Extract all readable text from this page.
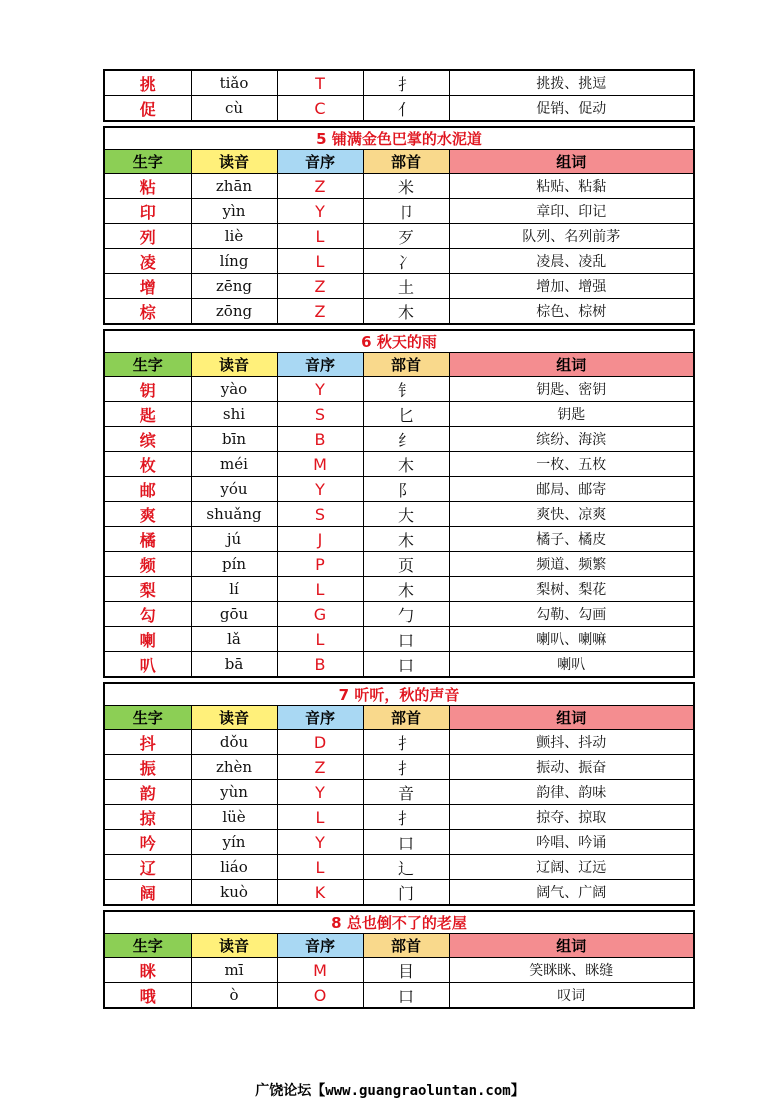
挑	tiǎo	T	扌	挑拨、挑逗
促	cù	C	亻	促销、促动
5 铺满金色巴掌的水泥道				
生字	读音	音序	部首	组词
粘	zhān	Z	米	粘贴、粘黏
印	yìn	Y	卩	章印、印记
列	liè	L	歹	队列、名列前茅
凌	líng	L	冫	凌晨、凌乱
增	zēng	Z	土	增加、增强
棕	zōng	Z	木	棕色、棕树
6 秋天的雨				
生字	读音	音序	部首	组词
钥	yào	Y	钅	钥匙、密钥
匙	shi	S	匕	钥匙
缤	bīn	B	纟	缤纷、海滨
枚	méi	M	木	一枚、五枚
邮	yóu	Y	阝	邮局、邮寄
爽	shuǎng	S	大	爽快、凉爽
橘	jú	J	木	橘子、橘皮
频	pín	P	页	频道、频繁
梨	lí	L	木	梨树、梨花
勾	gōu	G	勹	勾勒、勾画
喇	lǎ	L	口	喇叭、喇嘛
叭	bā	B	口	喇叭
7 听听，秋的声音				
生字	读音	音序	部首	组词
抖	dǒu	D	扌	颤抖、抖动
振	zhèn	Z	扌	振动、振奋
韵	yùn	Y	音	韵律、韵味
掠	lüè	L	扌	掠夺、掠取
吟	yín	Y	口	吟唱、吟诵
辽	liáo	L	辶	辽阔、辽远
阔	kuò	K	门	阔气、广阔
8 总也倒不了的老屋				
生字	读音	音序	部首	组词
眯	mī	M	目	笑眯眯、眯缝
哦	ò	O	口	叹词
广饶论坛【www.guangraoluntan.com】
